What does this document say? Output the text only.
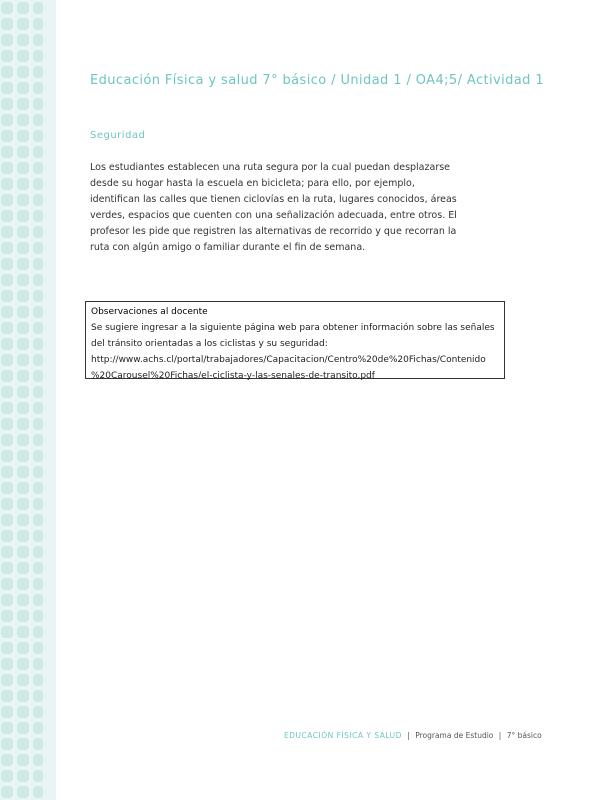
Educación Física y salud 7° básico / Unidad 1 / OA4;5/ Actividad 1
Seguridad
Los estudiantes establecen una ruta segura por la cual puedan desplazarse
desde su hogar hasta la escuela en bicicleta; para ello, por ejemplo,
identifican las calles que tienen ciclovías en la ruta, lugares conocidos, áreas
verdes, espacios que cuenten con una señalización adecuada, entre otros. El
profesor les pide que registren las alternativas de recorrido y que recorran la
ruta con algún amigo o familiar durante el fin de semana.
Observaciones al docente
Se sugiere ingresar a la siguiente página web para obtener información sobre las señales
del tránsito orientadas a los ciclistas y su seguridad:
http://www.achs.cl/portal/trabajadores/Capacitacion/Centro%20de%20Fichas/Contenido
%20Carousel%20Fichas/el-ciclista-y-las-senales-de-transito.pdf
EDUCACIÓN FÍSICA Y SALUD | Programa de Estudio | 7° básico
